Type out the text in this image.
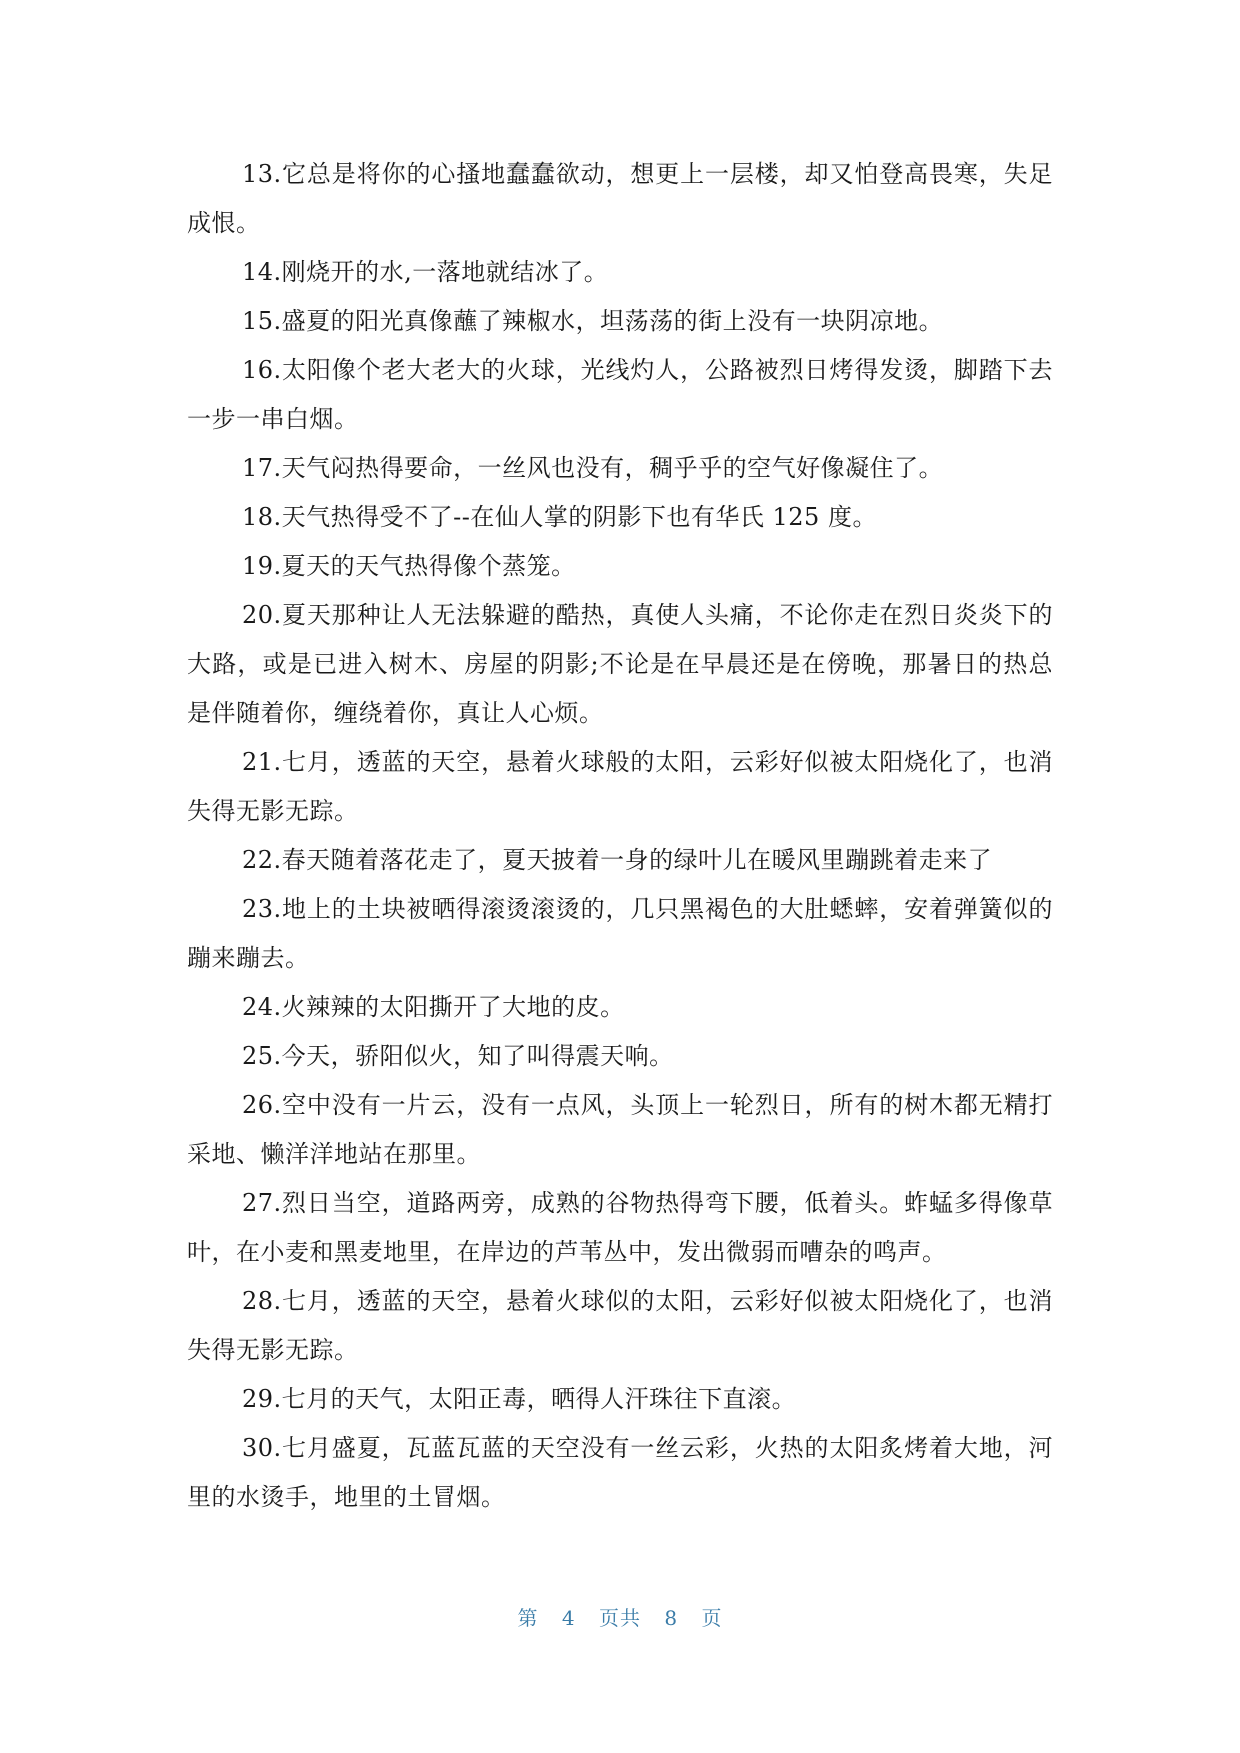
13.它总是将你的心搔地蠢蠢欲动，想更上一层楼，却又怕登高畏寒，失足成恨。

14.刚烧开的水,一落地就结冰了。

15.盛夏的阳光真像蘸了辣椒水，坦荡荡的街上没有一块阴凉地。

16.太阳像个老大老大的火球，光线灼人，公路被烈日烤得发烫，脚踏下去一步一串白烟。

17.天气闷热得要命，一丝风也没有，稠乎乎的空气好像凝住了。

18.天气热得受不了--在仙人掌的阴影下也有华氏 125 度。

19.夏天的天气热得像个蒸笼。

20.夏天那种让人无法躲避的酷热，真使人头痛，不论你走在烈日炎炎下的大路，或是已进入树木、房屋的阴影;不论是在早晨还是在傍晚，那暑日的热总是伴随着你，缠绕着你，真让人心烦。

21.七月，透蓝的天空，悬着火球般的太阳，云彩好似被太阳烧化了，也消失得无影无踪。

22.春天随着落花走了，夏天披着一身的绿叶儿在暖风里蹦跳着走来了

23.地上的土块被晒得滚烫滚烫的，几只黑褐色的大肚蟋蟀，安着弹簧似的蹦来蹦去。

24.火辣辣的太阳撕开了大地的皮。

25.今天，骄阳似火，知了叫得震天响。

26.空中没有一片云，没有一点风，头顶上一轮烈日，所有的树木都无精打采地、懒洋洋地站在那里。

27.烈日当空，道路两旁，成熟的谷物热得弯下腰，低着头。蚱蜢多得像草叶，在小麦和黑麦地里，在岸边的芦苇丛中，发出微弱而嘈杂的鸣声。

28.七月，透蓝的天空，悬着火球似的太阳，云彩好似被太阳烧化了，也消失得无影无踪。

29.七月的天气，太阳正毒，晒得人汗珠往下直滚。

30.七月盛夏，瓦蓝瓦蓝的天空没有一丝云彩，火热的太阳炙烤着大地，河里的水烫手，地里的土冒烟。

第 4 页共 8 页
